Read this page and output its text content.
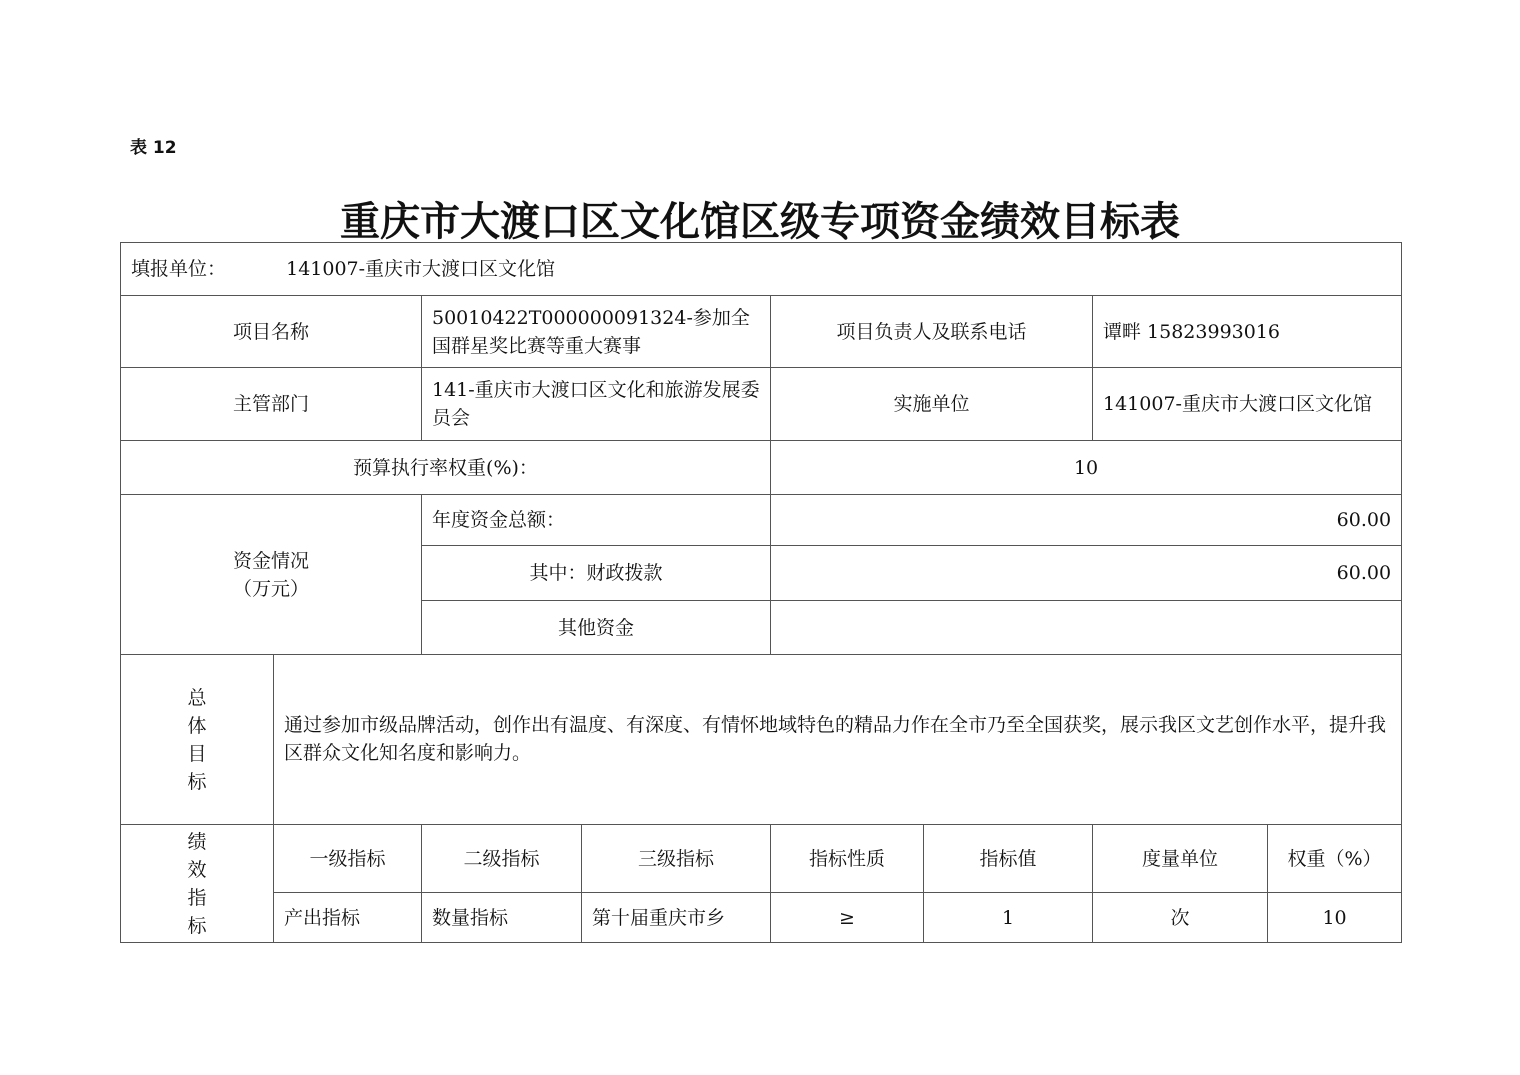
表 12
重庆市大渡口区文化馆区级专项资金绩效目标表
填报单位： 141007-重庆市大渡口区文化馆							
项目名称		50010422T000000091324-参加全国群星奖比赛等重大赛事		项目负责人及联系电话		谭畔 15823993016	
主管部门		141-重庆市大渡口区文化和旅游发展委员会		实施单位		141007-重庆市大渡口区文化馆	
预算执行率权重(%)：				10			

资金情况
（万元）		年度资金总额：		60.00			
		其中：财政拨款		60.00			
		其他资金					

总
体
目
标	通过参加市级品牌活动，创作出有温度、有深度、有情怀地域特色的精品力作在全市乃至全国获奖，展示我区文艺创作水平，提升我区群众文化知名度和影响力。						

绩
效
指
标	一级指标	二级指标	三级指标	指标性质	指标值	度量单位	权重（%）
	产出指标	数量指标	第十届重庆市乡	≥	1	次	10
